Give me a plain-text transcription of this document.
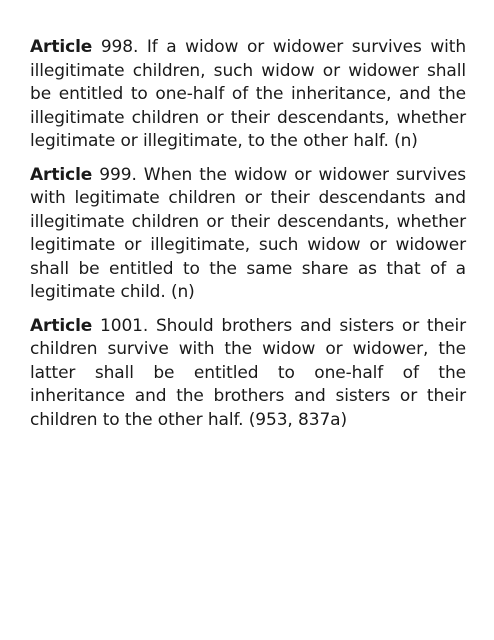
Article 998. If a widow or widower survives with illegitimate children, such widow or widower shall be entitled to one-half of the inheritance, and the illegitimate children or their descendants, whether legitimate or illegitimate, to the other half. (n)

Article 999. When the widow or widower survives with legitimate children or their descendants and illegitimate children or their descendants, whether legitimate or illegitimate, such widow or widower shall be entitled to the same share as that of a legitimate child. (n)

Article 1001. Should brothers and sisters or their children survive with the widow or widower, the latter shall be entitled to one-half of the inheritance and the brothers and sisters or their children to the other half. (953, 837a)
